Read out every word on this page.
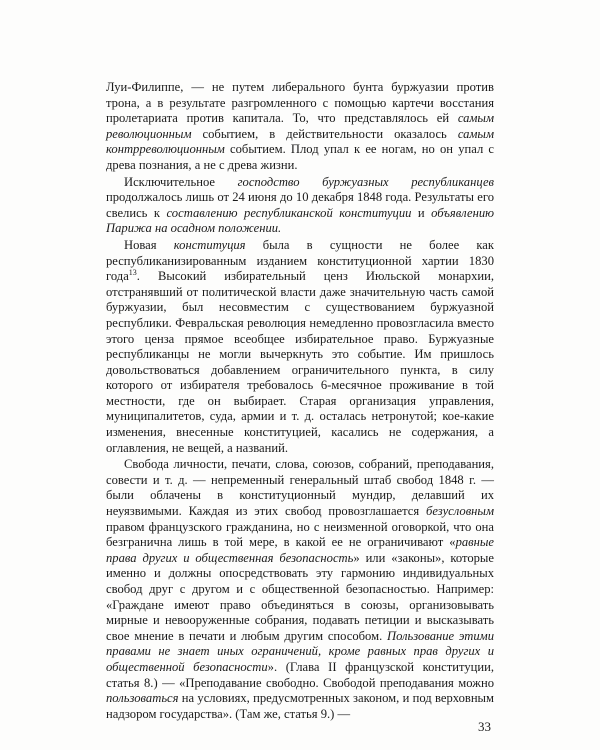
Луи-Филиппе, — не путем либерального бунта буржуазии против трона, а в результате разгромленного с помощью картечи восстания пролетариата против капитала. То, что представлялось ей самым революционным событием, в действительности оказалось самым контрреволюционным событием. Плод упал к ее ногам, но он упал с древа познания, а не с древа жизни.

Исключительное господство буржуазных республиканцев продолжалось лишь от 24 июня до 10 декабря 1848 года. Результаты его свелись к составлению республиканской конституции и объявлению Парижа на осадном положении.

Новая конституция была в сущности не более как республиканизированным изданием конституционной хартии 1830 года$^{13}$. Высокий избирательный ценз Июльской монархии, отстранявший от политической власти даже значительную часть самой буржуазии, был несовместим с существованием буржуазной республики. Февральская революция немедленно провозгласила вместо этого ценза прямое всеобщее избирательное право. Буржуазные республиканцы не могли вычеркнуть это событие. Им пришлось довольствоваться добавлением ограничительного пункта, в силу которого от избирателя требовалось 6-месячное проживание в той местности, где он выбирает. Старая организация управления, муниципалитетов, суда, армии и т. д. осталась нетронутой; кое-какие изменения, внесенные конституцией, касались не содержания, а оглавления, не вещей, а названий.

Свобода личности, печати, слова, союзов, собраний, преподавания, совести и т. д. — непременный генеральный штаб свобод 1848 г. — были облачены в конституционный мундир, делавший их неуязвимыми. Каждая из этих свобод провозглашается безусловным правом французского гражданина, но с неизменной оговоркой, что она безгранична лишь в той мере, в какой ее не ограничивают «равные права других и общественная безопасность» или «законы», которые именно и должны опосредствовать эту гармонию индивидуальных свобод друг с другом и с общественной безопасностью. Например: «Граждане имеют право объединяться в союзы, организовывать мирные и невооруженные собрания, подавать петиции и высказывать свое мнение в печати и любым другим способом. Пользование этими правами не знает иных ограничений, кроме равных прав других и общественной безопасности». (Глава II французской конституции, статья 8.) — «Преподавание свободно. Свободой преподавания можно пользоваться на условиях, предусмотренных законом, и под верховным надзором государства». (Там же, статья 9.) —

33
